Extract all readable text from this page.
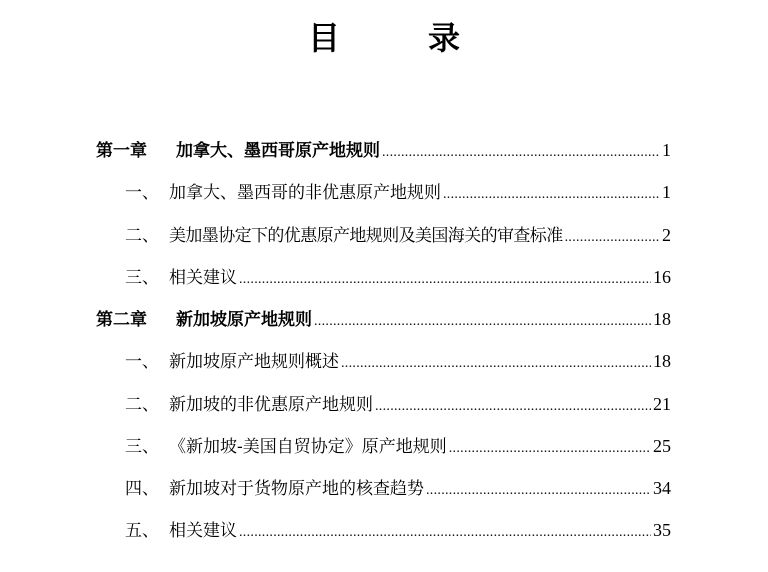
目　录
第一章	加拿大、墨西哥原产地规则 .....	1
一、 加拿大、墨西哥的非优惠原产地规则 .....	1
二、 美加墨协定下的优惠原产地规则及美国海关的审查标准 .....	2
三、 相关建议 .....	16
第二章	新加坡原产地规则 .....	18
一、 新加坡原产地规则概述 .....	18
二、 新加坡的非优惠原产地规则 .....	21
三、 《新加坡-美国自贸协定》原产地规则 .....	25
四、 新加坡对于货物原产地的核查趋势 .....	34
五、 相关建议 .....	35
